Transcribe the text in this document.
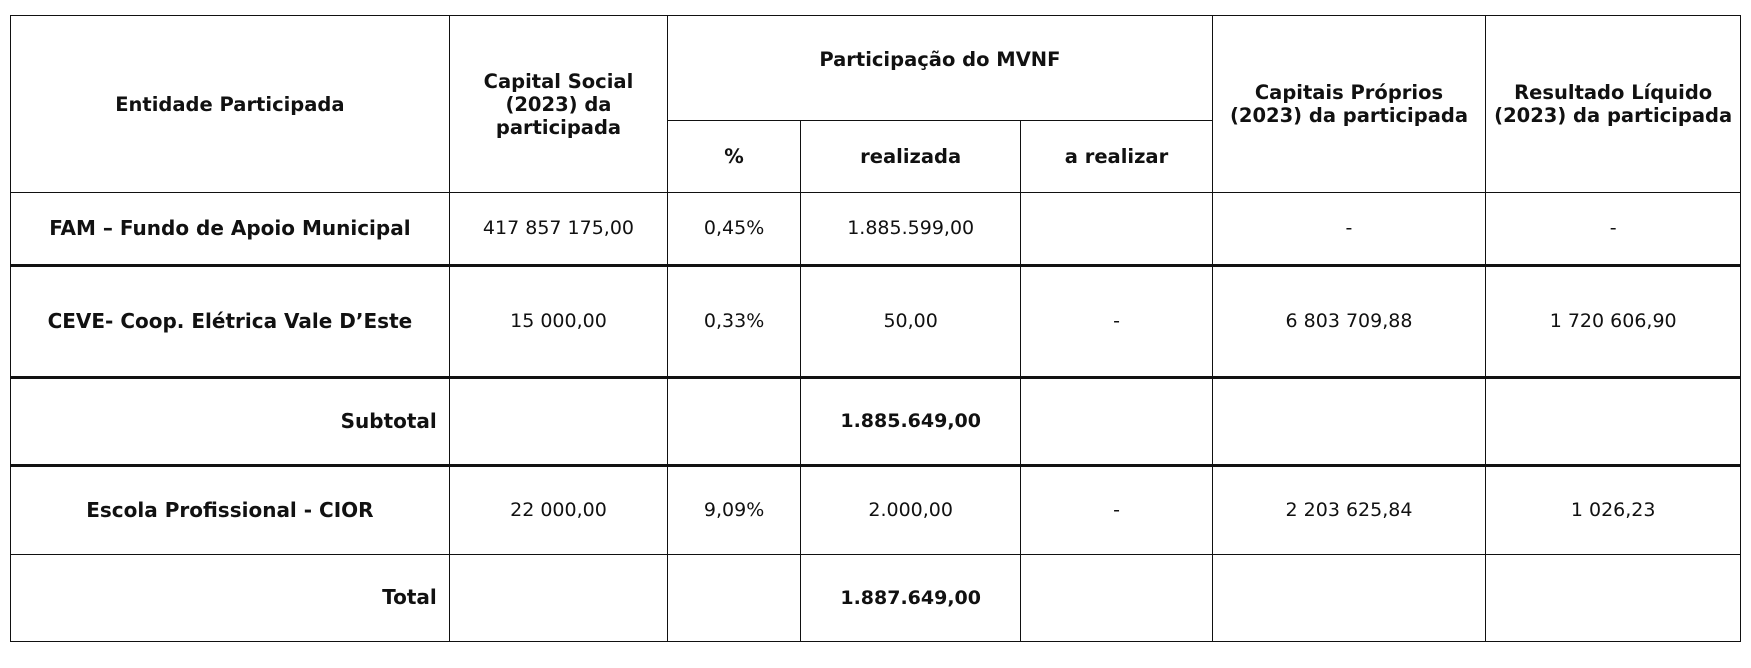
Entidade Participada	Capital Social (2023) da participada	Participação do MVNF			Capitais Próprios (2023) da participada	Resultado Líquido (2023) da participada
		%	realizada	a realizar		
FAM – Fundo de Apoio Municipal	417 857 175,00	0,45%	1.885.599,00		-	-
CEVE- Coop. Elétrica Vale D’Este	15 000,00	0,33%	50,00	-	6 803 709,88	1 720 606,90
Subtotal			1.885.649,00			
Escola Profissional - CIOR	22 000,00	9,09%	2.000,00	-	2 203 625,84	1 026,23
Total			1.887.649,00			
